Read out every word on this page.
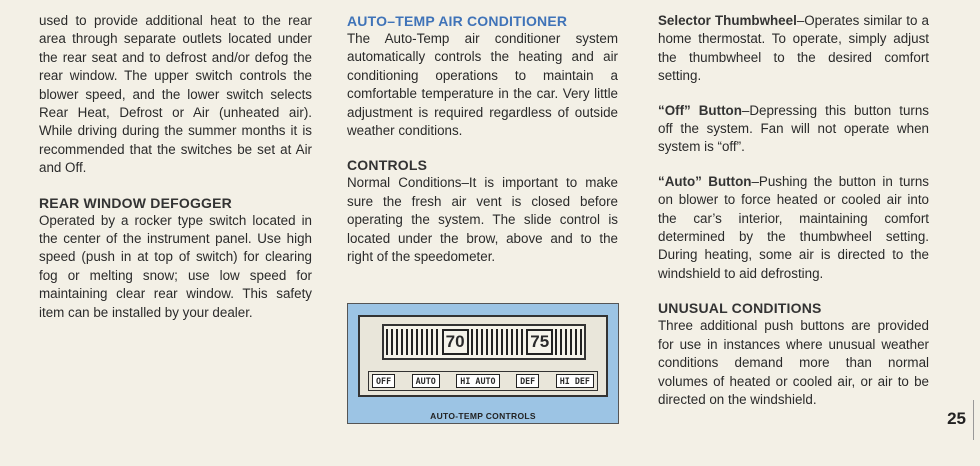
used to provide additional heat to the rear area through separate outlets located under the rear seat and to defrost and/or defog the rear window. The upper switch controls the blower speed, and the lower switch selects Rear Heat, Defrost or Air (unheated air). While driving during the summer months it is recommended that the switches be set at Air and Off.

REAR WINDOW DEFOGGER

Operated by a rocker type switch located in the center of the instrument panel. Use high speed (push in at top of switch) for clearing fog or melting snow; use low speed for maintaining clear rear window. This safety item can be installed by your dealer.

AUTO–TEMP AIR CONDITIONER

The Auto-Temp air conditioner system automatically controls the heating and air conditioning operations to maintain a comfortable temperature in the car. Very little adjustment is required regardless of outside weather conditions.

CONTROLS

Normal Conditions–It is important to make sure the fresh air vent is closed before operating the system. The slide control is located under the brow, above and to the right of the speedometer.

Selector Thumbwheel–Operates similar to a home thermostat. To operate, simply adjust the thumbwheel to the desired comfort setting.

“Off” Button–Depressing this button turns off the system. Fan will not operate when system is “off”.

“Auto” Button–Pushing the button in turns on blower to force heated or cooled air into the car’s interior, maintaining comfort determined by the thumbwheel setting. During heating, some air is directed to the windshield to aid defrosting.

UNUSUAL CONDITIONS

Three additional push buttons are provided for use in instances where unusual weather conditions demand more than normal volumes of heated or cooled air, or air to be directed on the windshield.

70	75
OFF	AUTO	HI AUTO	DEF	HI DEF
AUTO-TEMP CONTROLS	25
